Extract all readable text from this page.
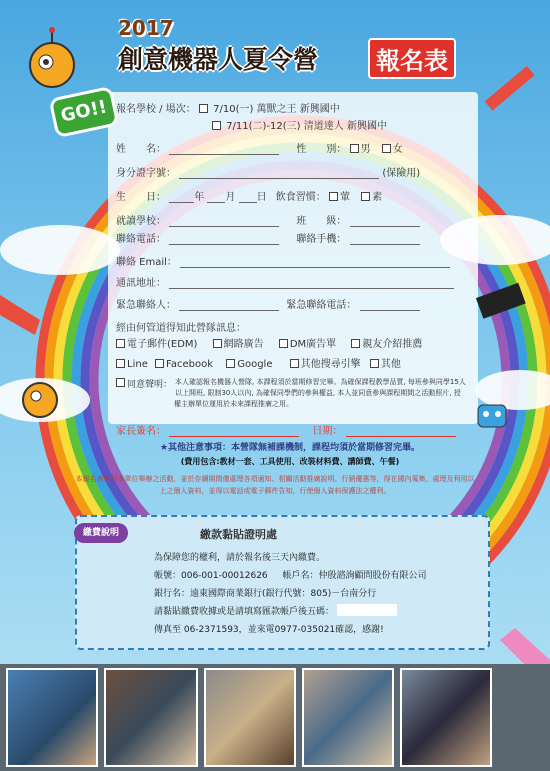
2017
創意機器人夏令營	報名表
GO!! 報名學校 / 場次： 7/10(一) 萬獸之王 新興國中
7/11(二)-12(三) 清道達人 新興國中
姓　　名：	性　　別： 男 女
身分證字號：	(保險用)
生　　日：	年 月 日 飲食習慣： 葷 素
就讀學校：	班　　級：
聯絡電話：	聯絡手機：
聯絡 Email：
通訊地址：
緊急聯絡人：	緊急聯絡電話：
經由何管道得知此營隊訊息：
電子郵件(EDM)	網路廣告	DM廣告單	親友介紹推薦
Line Facebook Google	其他搜尋引擎 其他
同意聲明： 本人確認報名機器人營隊, 本課程須於當期修習完畢。為確保課程教學品質, 每班參與同學15人以上開班, 限制30人以內, 為確保同學們的參與權益, 本人並同意參與課程期間之活動照片, 授權主辦單位運用於未來課程推廣之用。
家長簽名：	日期：
★其他注意事項：本營隊無補課機制，課程均須於當期修習完畢。
(費用包含:教材一套、工具使用、改裝材料費、講師費、午餐)
本報名表僅限本單位舉辦之活動，並於存續期間僅處理各項通知、相關活動推廣說明、行銷優惠等，得在國內蒐集、處理及利用以上之個人資料，並得以電話或電子郵件告知，行使個人資料保護法之權利。
繳費說明	繳款黏貼證明處
為保障您的權利，請於報名後三天內繳費。
帳號：006-001-00012626 帳戶名：仲殷諮詢顧問股份有限公司
銀行名：遠東國際商業銀行(銀行代號：805)－台南分行
請黏貼繳費收據或是請填寫匯款帳戶後五碼：
傳真至 06-2371593，並來電0977-035021確認，感謝!
